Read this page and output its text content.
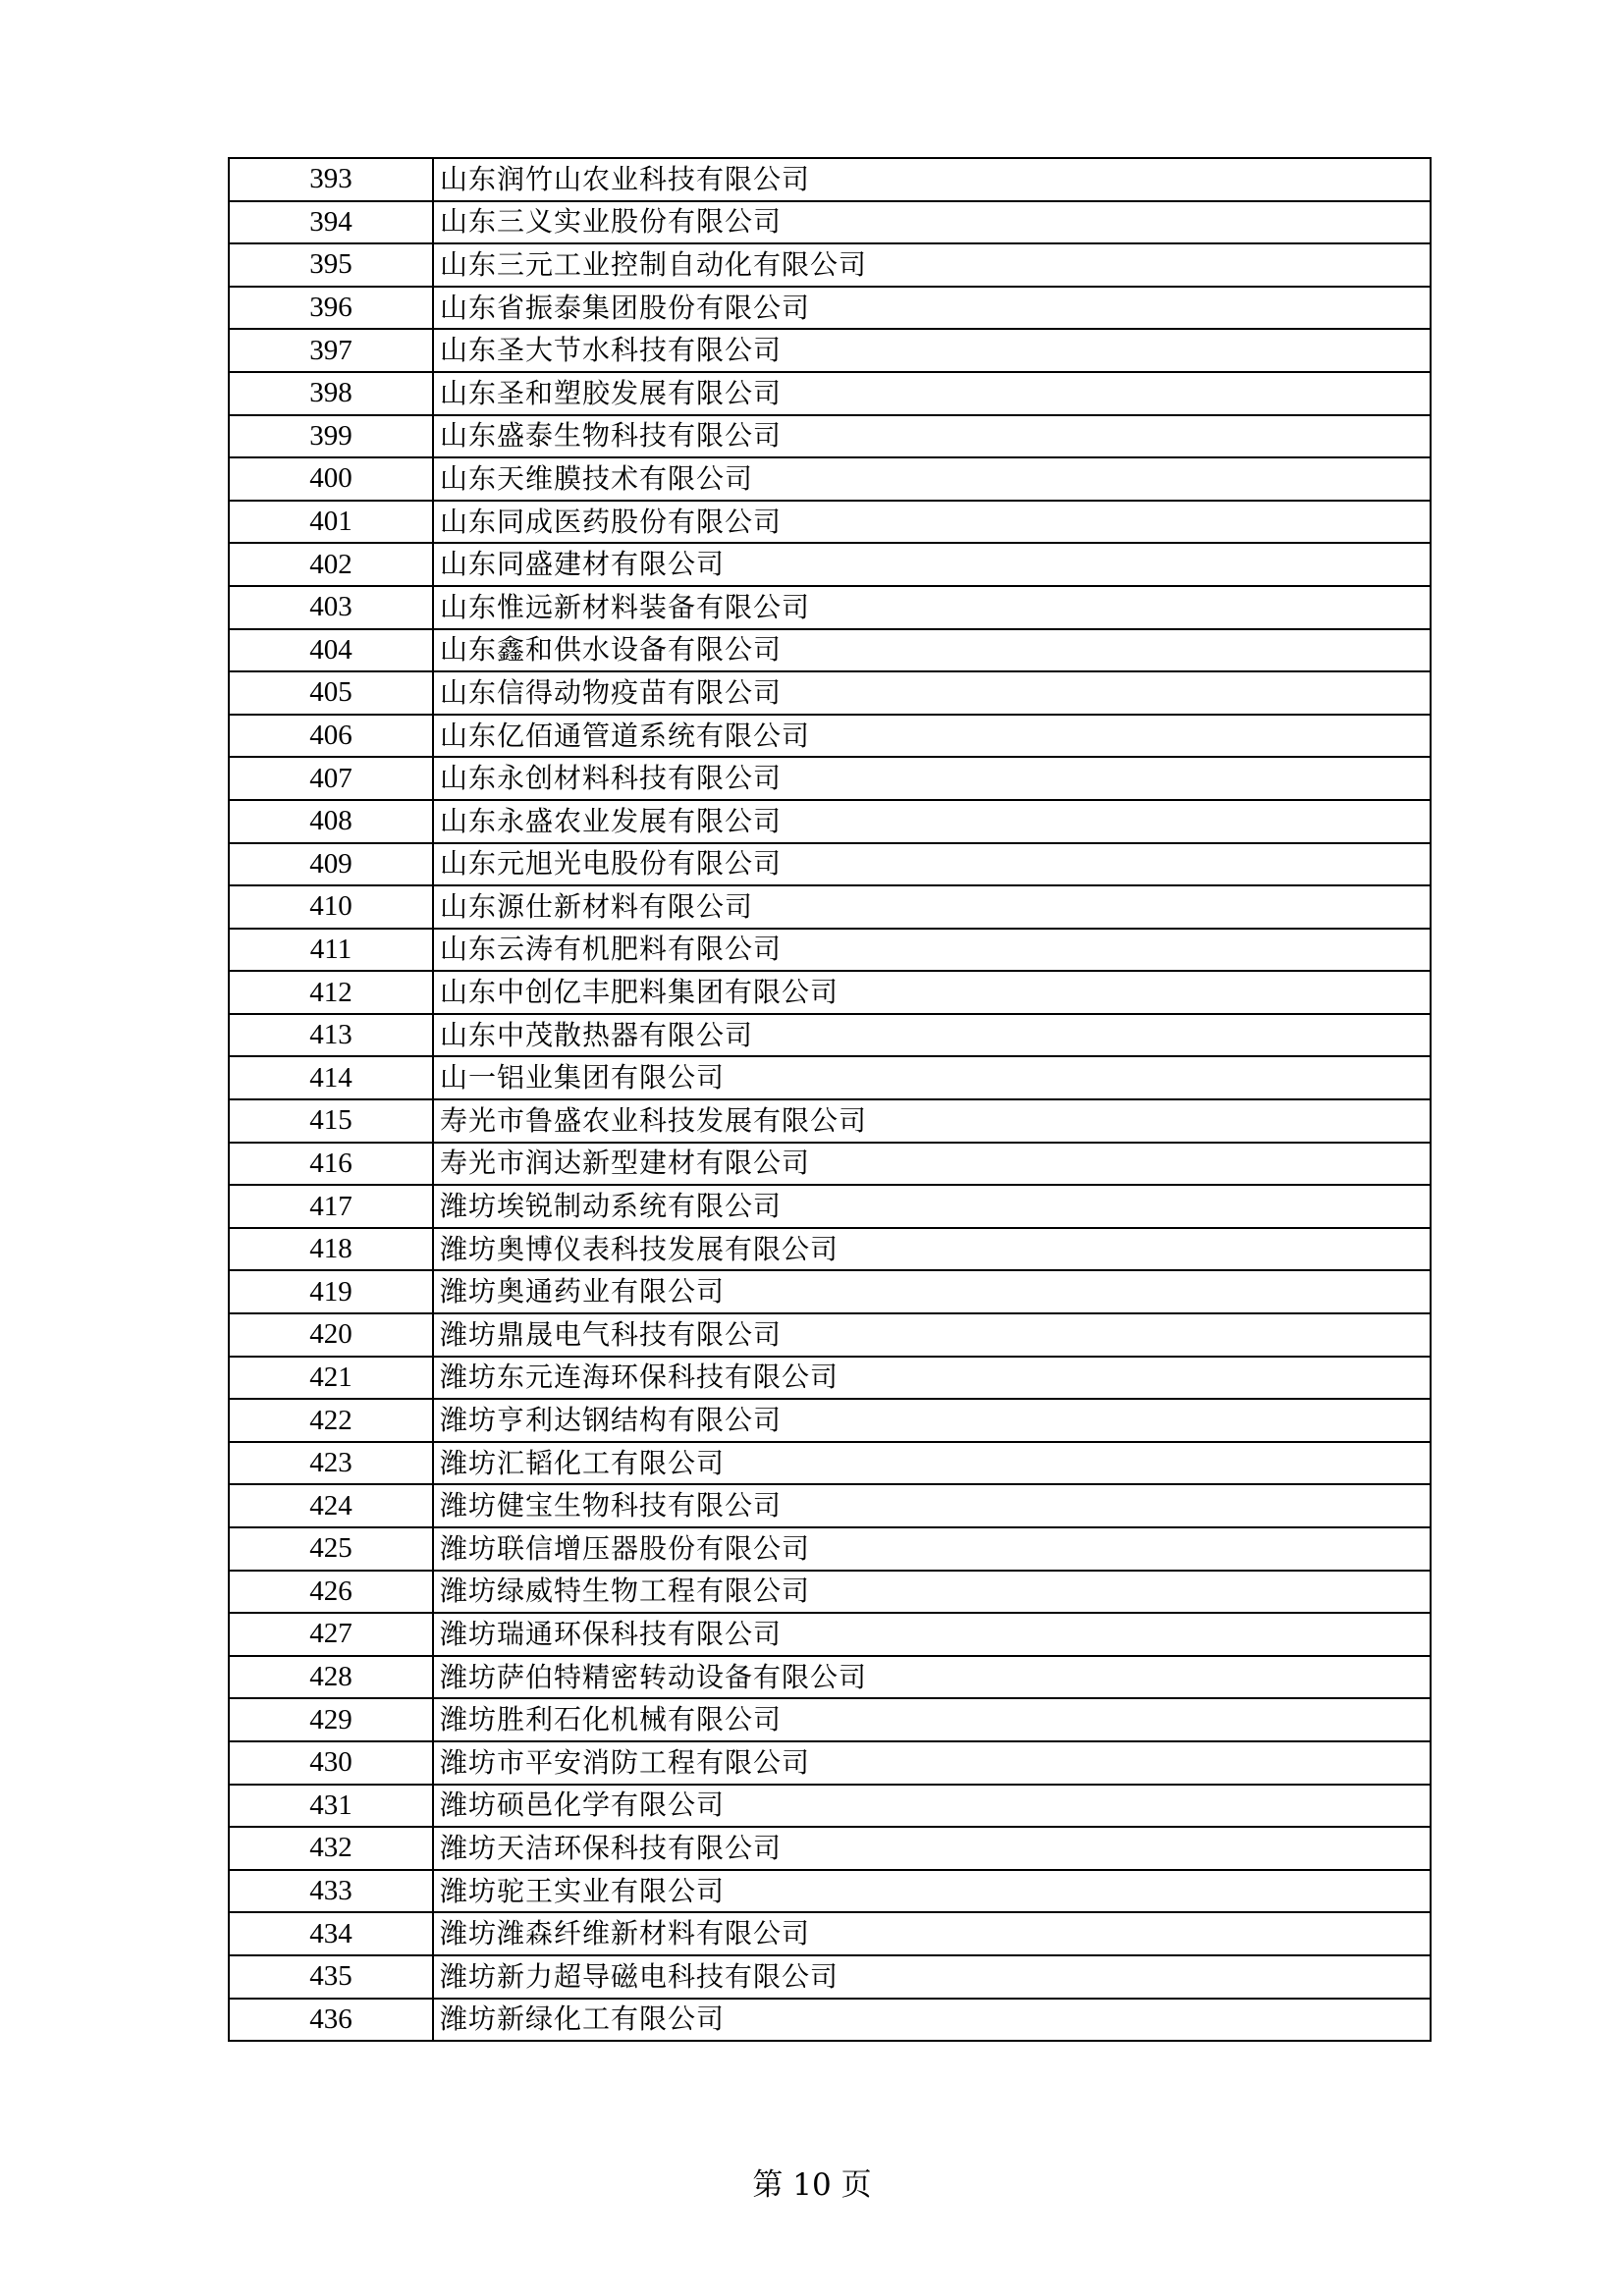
393	山东润竹山农业科技有限公司
394	山东三义实业股份有限公司
395	山东三元工业控制自动化有限公司
396	山东省振泰集团股份有限公司
397	山东圣大节水科技有限公司
398	山东圣和塑胶发展有限公司
399	山东盛泰生物科技有限公司
400	山东天维膜技术有限公司
401	山东同成医药股份有限公司
402	山东同盛建材有限公司
403	山东惟远新材料装备有限公司
404	山东鑫和供水设备有限公司
405	山东信得动物疫苗有限公司
406	山东亿佰通管道系统有限公司
407	山东永创材料科技有限公司
408	山东永盛农业发展有限公司
409	山东元旭光电股份有限公司
410	山东源仕新材料有限公司
411	山东云涛有机肥料有限公司
412	山东中创亿丰肥料集团有限公司
413	山东中茂散热器有限公司
414	山一铝业集团有限公司
415	寿光市鲁盛农业科技发展有限公司
416	寿光市润达新型建材有限公司
417	潍坊埃锐制动系统有限公司
418	潍坊奥博仪表科技发展有限公司
419	潍坊奥通药业有限公司
420	潍坊鼎晟电气科技有限公司
421	潍坊东元连海环保科技有限公司
422	潍坊亨利达钢结构有限公司
423	潍坊汇韬化工有限公司
424	潍坊健宝生物科技有限公司
425	潍坊联信增压器股份有限公司
426	潍坊绿威特生物工程有限公司
427	潍坊瑞通环保科技有限公司
428	潍坊萨伯特精密转动设备有限公司
429	潍坊胜利石化机械有限公司
430	潍坊市平安消防工程有限公司
431	潍坊硕邑化学有限公司
432	潍坊天洁环保科技有限公司
433	潍坊驼王实业有限公司
434	潍坊潍森纤维新材料有限公司
435	潍坊新力超导磁电科技有限公司
436	潍坊新绿化工有限公司
第 10 页
